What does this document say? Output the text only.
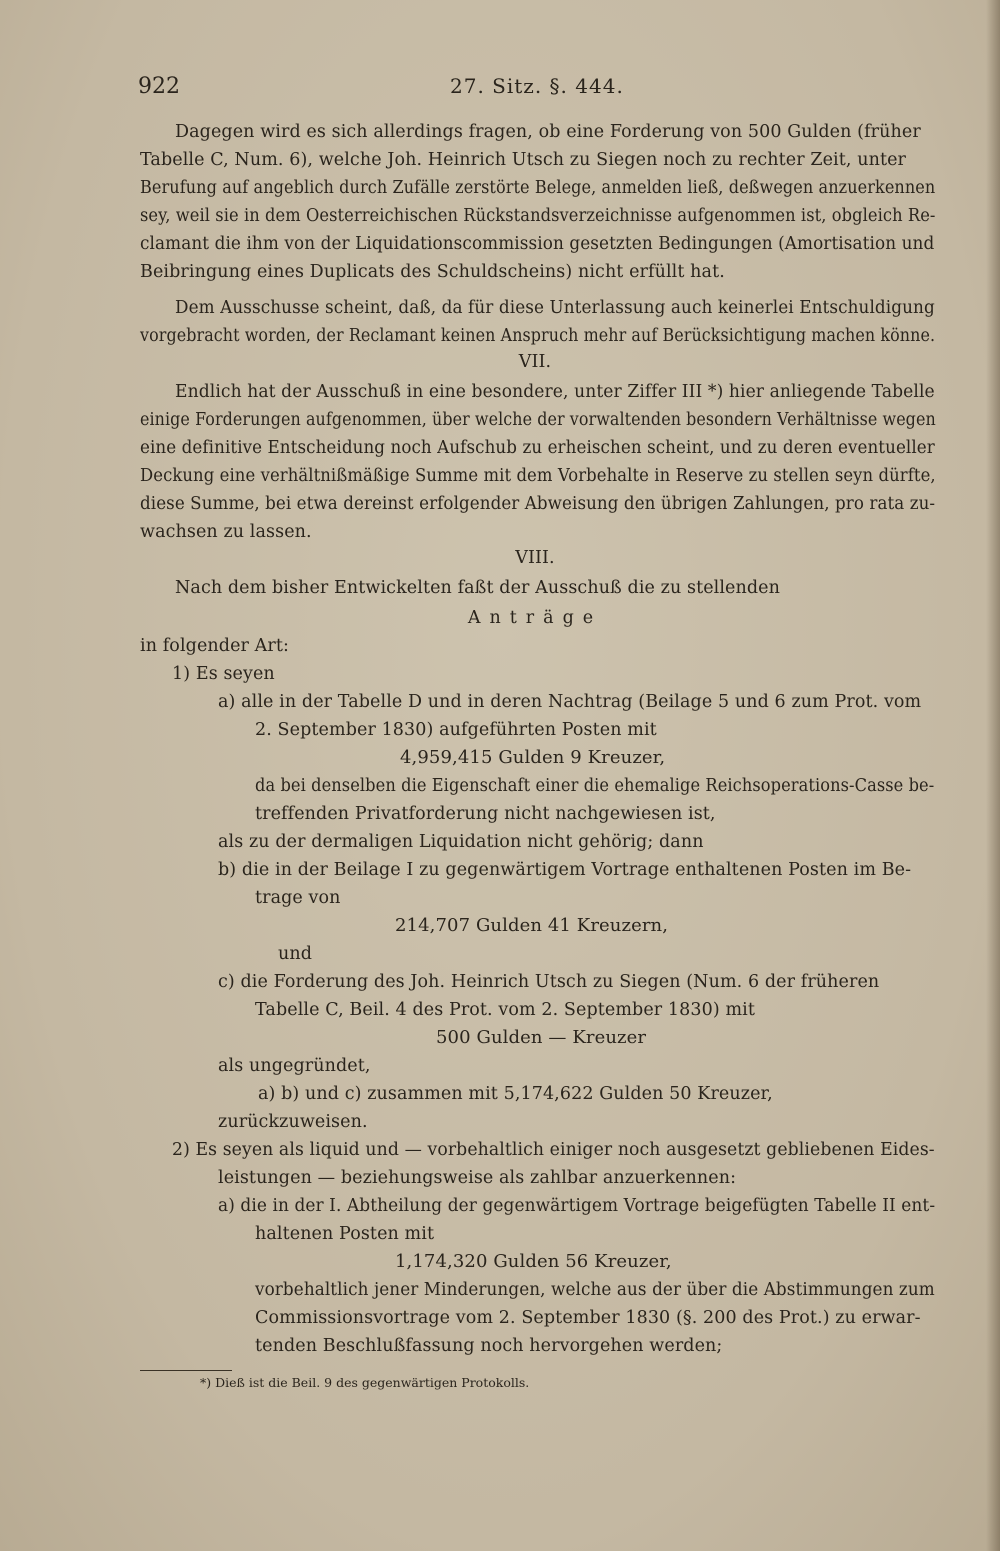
922	27. Sitz. §. 444.
Dagegen wird es sich allerdings fragen, ob eine Forderung von 500 Gulden (früher
Tabelle C, Num. 6), welche Joh. Heinrich Utsch zu Siegen noch zu rechter Zeit, unter
Berufung auf angeblich durch Zufälle zerstörte Belege, anmelden ließ, deßwegen anzuerkennen
sey, weil sie in dem Oesterreichischen Rückstandsverzeichnisse aufgenommen ist, obgleich Re-
clamant die ihm von der Liquidationscommission gesetzten Bedingungen (Amortisation und
Beibringung eines Duplicats des Schuldscheins) nicht erfüllt hat.
Dem Ausschusse scheint, daß, da für diese Unterlassung auch keinerlei Entschuldigung
vorgebracht worden, der Reclamant keinen Anspruch mehr auf Berücksichtigung machen könne.
VII.
Endlich hat der Ausschuß in eine besondere, unter Ziffer III *) hier anliegende Tabelle
einige Forderungen aufgenommen, über welche der vorwaltenden besondern Verhältnisse wegen
eine definitive Entscheidung noch Aufschub zu erheischen scheint, und zu deren eventueller
Deckung eine verhältnißmäßige Summe mit dem Vorbehalte in Reserve zu stellen seyn dürfte,
diese Summe, bei etwa dereinst erfolgender Abweisung den übrigen Zahlungen, pro rata zu-
wachsen zu lassen.
VIII.
Nach dem bisher Entwickelten faßt der Ausschuß die zu stellenden
Anträge
in folgender Art:
1) Es seyen
a) alle in der Tabelle D und in deren Nachtrag (Beilage 5 und 6 zum Prot. vom
2. September 1830) aufgeführten Posten mit
4,959,415 Gulden 9 Kreuzer,
da bei denselben die Eigenschaft einer die ehemalige Reichsoperations-Casse be-
treffenden Privatforderung nicht nachgewiesen ist,
als zu der dermaligen Liquidation nicht gehörig; dann
b) die in der Beilage I zu gegenwärtigem Vortrage enthaltenen Posten im Be-
trage von
214,707 Gulden 41 Kreuzern,
und
c) die Forderung des Joh. Heinrich Utsch zu Siegen (Num. 6 der früheren
Tabelle C, Beil. 4 des Prot. vom 2. September 1830) mit
500 Gulden — Kreuzer
als ungegründet,
a) b) und c) zusammen mit 5,174,622 Gulden 50 Kreuzer,
zurückzuweisen.
2) Es seyen als liquid und — vorbehaltlich einiger noch ausgesetzt gebliebenen Eides-
leistungen — beziehungsweise als zahlbar anzuerkennen:
a) die in der I. Abtheilung der gegenwärtigem Vortrage beigefügten Tabelle II ent-
haltenen Posten mit
1,174,320 Gulden 56 Kreuzer,
vorbehaltlich jener Minderungen, welche aus der über die Abstimmungen zum
Commissionsvortrage vom 2. September 1830 (§. 200 des Prot.) zu erwar-
tenden Beschlußfassung noch hervorgehen werden;
*) Dieß ist die Beil. 9 des gegenwärtigen Protokolls.
